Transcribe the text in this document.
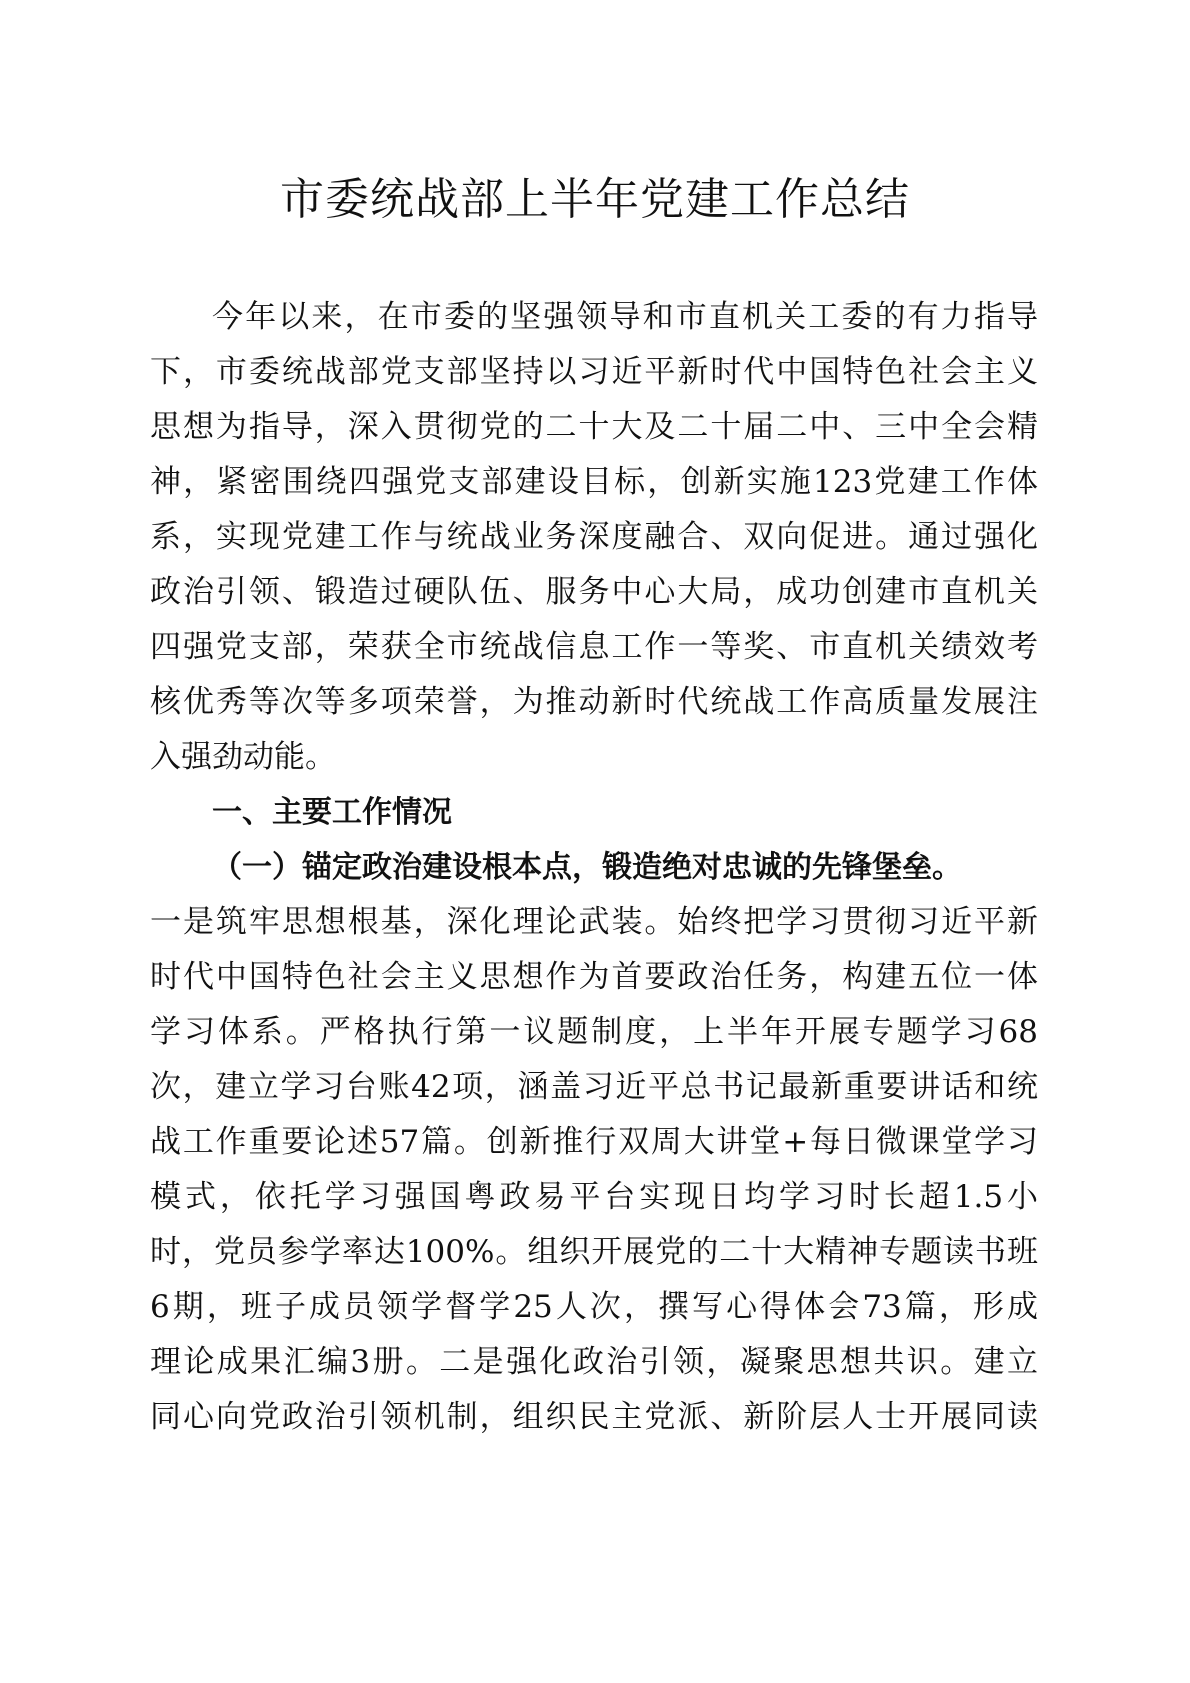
市委统战部上半年党建工作总结
今年以来，在市委的坚强领导和市直机关工委的有力指导
下，市委统战部党支部坚持以习近平新时代中国特色社会主义
思想为指导，深入贯彻党的二十大及二十届二中、三中全会精
神，紧密围绕四强党支部建设目标，创新实施123党建工作体
系，实现党建工作与统战业务深度融合、双向促进。通过强化
政治引领、锻造过硬队伍、服务中心大局，成功创建市直机关
四强党支部，荣获全市统战信息工作一等奖、市直机关绩效考
核优秀等次等多项荣誉，为推动新时代统战工作高质量发展注
入强劲动能。
一、主要工作情况
（一）锚定政治建设根本点，锻造绝对忠诚的先锋堡垒。
一是筑牢思想根基，深化理论武装。始终把学习贯彻习近平新
时代中国特色社会主义思想作为首要政治任务，构建五位一体
学习体系。严格执行第一议题制度，上半年开展专题学习68
次，建立学习台账42项，涵盖习近平总书记最新重要讲话和统
战工作重要论述57篇。创新推行双周大讲堂+每日微课堂学习
模式，依托学习强国粤政易平台实现日均学习时长超1.5小
时，党员参学率达100%。组织开展党的二十大精神专题读书班
6期，班子成员领学督学25人次，撰写心得体会73篇，形成
理论成果汇编3册。二是强化政治引领，凝聚思想共识。建立
同心向党政治引领机制，组织民主党派、新阶层人士开展同读
